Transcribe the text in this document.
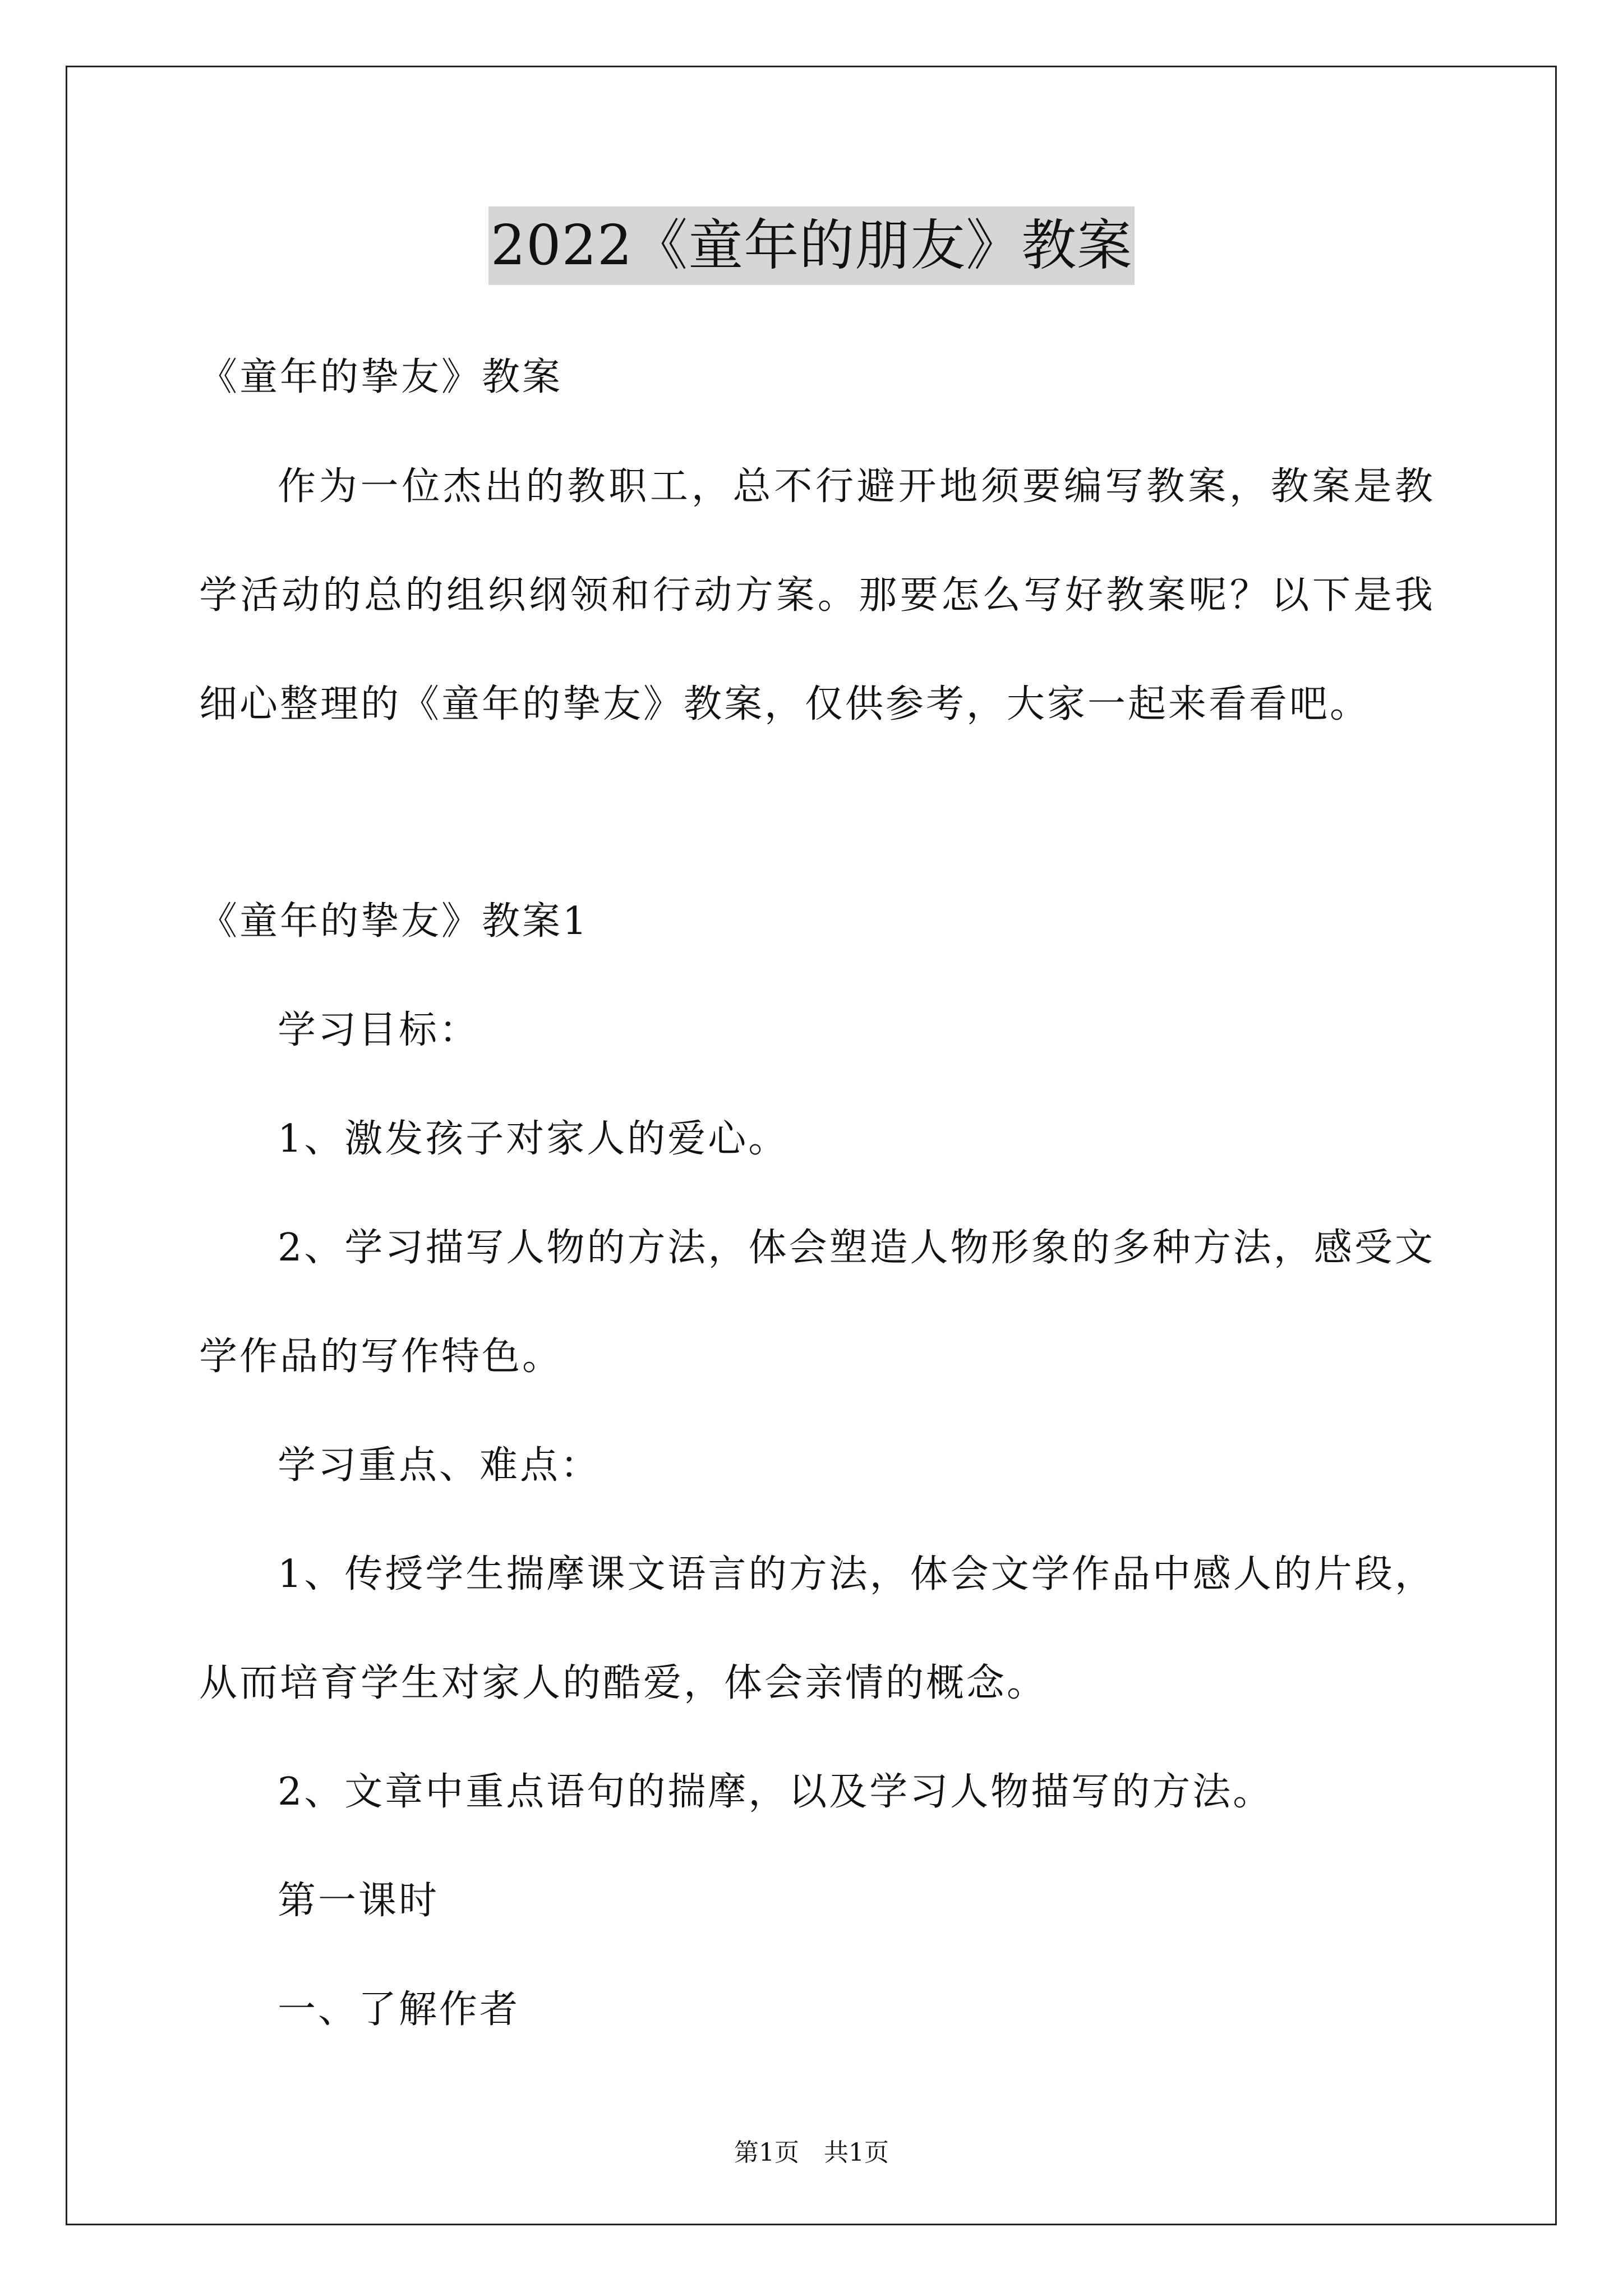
2022《童年的朋友》教案
《童年的挚友》教案
作为一位杰出的教职工，总不行避开地须要编写教案，教案是教
学活动的总的组织纲领和行动方案。那要怎么写好教案呢？以下是我
细心整理的《童年的挚友》教案，仅供参考，大家一起来看看吧。
《童年的挚友》教案1
学习目标：
1、激发孩子对家人的爱心。
2、学习描写人物的方法，体会塑造人物形象的多种方法，感受文
学作品的写作特色。
学习重点、难点：
1、传授学生揣摩课文语言的方法，体会文学作品中感人的片段，
从而培育学生对家人的酷爱，体会亲情的概念。
2、文章中重点语句的揣摩，以及学习人物描写的方法。
第一课时
一、了解作者
第1页　共1页
